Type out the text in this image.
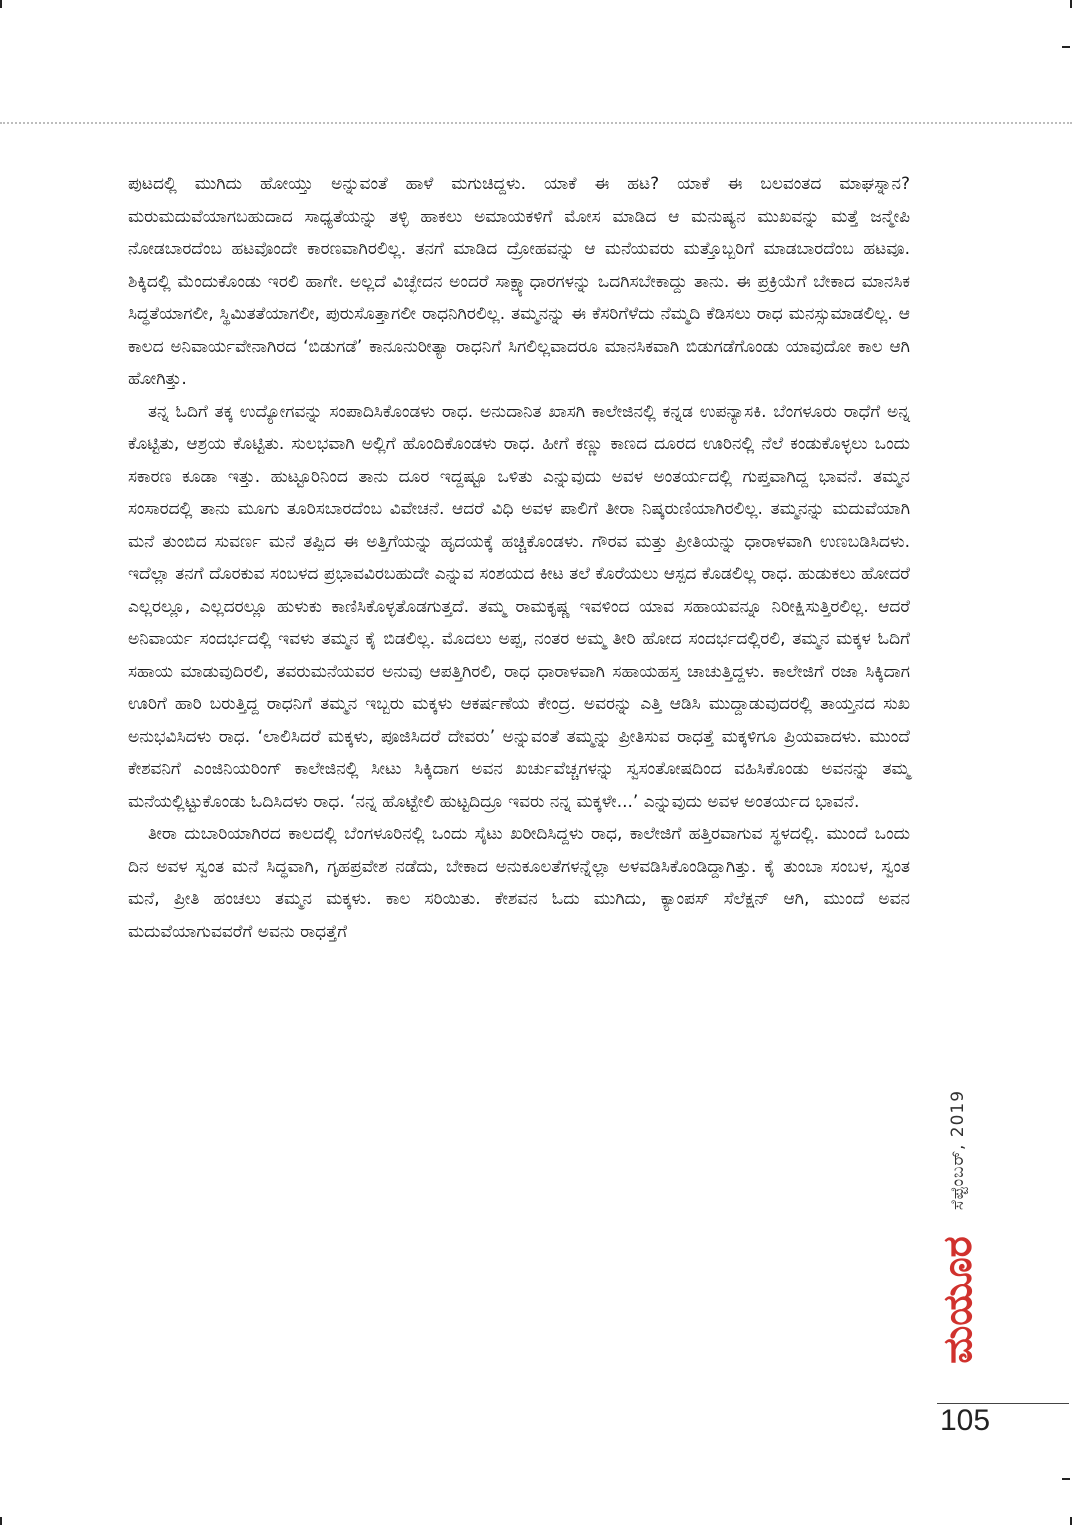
ಪುಟದಲ್ಲಿ ಮುಗಿದು ಹೋಯ್ತು ಅನ್ನುವಂತೆ ಹಾಳೆ ಮಗುಚಿದ್ದಳು. ಯಾಕೆ ಈ ಹಟ? ಯಾಕೆ ಈ ಬಲವಂತದ ಮಾಘಸ್ನಾನ? ಮರುಮದುವೆಯಾಗಬಹುದಾದ ಸಾಧ್ಯತೆಯನ್ನು ತಳ್ಳಿ ಹಾಕಲು ಅಮಾಯಕಳಿಗೆ ಮೋಸ ಮಾಡಿದ ಆ ಮನುಷ್ಯನ ಮುಖವನ್ನು ಮತ್ತೆ ಜನ್ಮೇಪಿ ನೋಡಬಾರದೆಂಬ ಹಟವೊಂದೇ ಕಾರಣವಾಗಿರಲಿಲ್ಲ. ತನಗೆ ಮಾಡಿದ ದ್ರೋಹವನ್ನು ಆ ಮನೆಯವರು ಮತ್ತೊಬ್ಬರಿಗೆ ಮಾಡಬಾರದೆಂಬ ಹಟವೂ. ಶಿಕ್ಕಿದಲ್ಲಿ ಮೆಂದುಕೊಂಡು ಇರಲಿ ಹಾಗೇ. ಅಲ್ಲದೆ ವಿಚ್ಛೇದನ ಅಂದರೆ ಸಾಕ್ಷ್ಯಾಧಾರಗಳನ್ನು ಒದಗಿಸಬೇಕಾದ್ದು ತಾನು. ಈ ಪ್ರಕ್ರಿಯೆಗೆ ಬೇಕಾದ ಮಾನಸಿಕ ಸಿದ್ಧತೆಯಾಗಲೀ, ಸ್ಥಿಮಿತತೆಯಾಗಲೀ, ಪುರುಸೊತ್ತಾಗಲೀ ರಾಧನಿಗಿರಲಿಲ್ಲ. ತಮ್ಮನನ್ನು ಈ ಕೆಸರಿಗೆಳೆದು ನೆಮ್ಮದಿ ಕೆಡಿಸಲು ರಾಧ ಮನಸ್ಸುಮಾಡಲಿಲ್ಲ. ಆ ಕಾಲದ ಅನಿವಾರ್ಯವೇನಾಗಿರದ ‘ಬಿಡುಗಡೆ’ ಕಾನೂನುರೀತ್ಯಾ ರಾಧನಿಗೆ ಸಿಗಲಿಲ್ಲವಾದರೂ ಮಾನಸಿಕವಾಗಿ ಬಿಡುಗಡೆಗೊಂಡು ಯಾವುದೋ ಕಾಲ ಆಗಿ ಹೋಗಿತ್ತು.

ತನ್ನ ಓದಿಗೆ ತಕ್ಕ ಉದ್ಯೋಗವನ್ನು ಸಂಪಾದಿಸಿಕೊಂಡಳು ರಾಧ. ಅನುದಾನಿತ ಖಾಸಗಿ ಕಾಲೇಜಿನಲ್ಲಿ ಕನ್ನಡ ಉಪನ್ಯಾಸಕಿ. ಬೆಂಗಳೂರು ರಾಧೆಗೆ ಅನ್ನ ಕೊಟ್ಟಿತು, ಆಶ್ರಯ ಕೊಟ್ಟಿತು. ಸುಲಭವಾಗಿ ಅಲ್ಲಿಗೆ ಹೊಂದಿಕೊಂಡಳು ರಾಧ. ಹೀಗೆ ಕಣ್ಣು ಕಾಣದ ದೂರದ ಊರಿನಲ್ಲಿ ನೆಲೆ ಕಂಡುಕೊಳ್ಳಲು ಒಂದು ಸಕಾರಣ ಕೂಡಾ ಇತ್ತು. ಹುಟ್ಟೂರಿನಿಂದ ತಾನು ದೂರ ಇದ್ದಷ್ಟೂ ಒಳಿತು ಎನ್ನುವುದು ಅವಳ ಅಂತರ್ಯದಲ್ಲಿ ಗುಪ್ತವಾಗಿದ್ದ ಭಾವನೆ. ತಮ್ಮನ ಸಂಸಾರದಲ್ಲಿ ತಾನು ಮೂಗು ತೂರಿಸಬಾರದೆಂಬ ವಿವೇಚನೆ. ಆದರೆ ವಿಧಿ ಅವಳ ಪಾಲಿಗೆ ತೀರಾ ನಿಷ್ಕರುಣಿಯಾಗಿರಲಿಲ್ಲ. ತಮ್ಮನನ್ನು ಮದುವೆಯಾಗಿ ಮನೆ ತುಂಬಿದ ಸುವರ್ಣ ಮನೆ ತಪ್ಪಿದ ಈ ಅತ್ತಿಗೆಯನ್ನು ಹೃದಯಕ್ಕೆ ಹಚ್ಚಿಕೊಂಡಳು. ಗೌರವ ಮತ್ತು ಪ್ರೀತಿಯನ್ನು ಧಾರಾಳವಾಗಿ ಉಣಬಡಿಸಿದಳು. ಇದೆಲ್ಲಾ ತನಗೆ ದೊರಕುವ ಸಂಬಳದ ಪ್ರಭಾವವಿರಬಹುದೇ ಎನ್ನುವ ಸಂಶಯದ ಕೀಟ ತಲೆ ಕೊರೆಯಲು ಆಸ್ಪದ ಕೊಡಲಿಲ್ಲ ರಾಧ. ಹುಡುಕಲು ಹೋದರೆ ಎಲ್ಲರಲ್ಲೂ, ಎಲ್ಲದರಲ್ಲೂ ಹುಳುಕು ಕಾಣಿಸಿಕೊಳ್ಳತೊಡಗುತ್ತದೆ. ತಮ್ಮ ರಾಮಕೃಷ್ಣ ಇವಳಿಂದ ಯಾವ ಸಹಾಯವನ್ನೂ ನಿರೀಕ್ಷಿಸುತ್ತಿರಲಿಲ್ಲ. ಆದರೆ ಅನಿವಾರ್ಯ ಸಂದರ್ಭದಲ್ಲಿ ಇವಳು ತಮ್ಮನ ಕೈ ಬಿಡಲಿಲ್ಲ. ಮೊದಲು ಅಪ್ಪ, ನಂತರ ಅಮ್ಮ ತೀರಿ ಹೋದ ಸಂದರ್ಭದಲ್ಲಿರಲಿ, ತಮ್ಮನ ಮಕ್ಕಳ ಓದಿಗೆ ಸಹಾಯ ಮಾಡುವುದಿರಲಿ, ತವರುಮನೆಯವರ ಅನುವು ಆಪತ್ತಿಗಿರಲಿ, ರಾಧ ಧಾರಾಳವಾಗಿ ಸಹಾಯಹಸ್ತ ಚಾಚುತ್ತಿದ್ದಳು. ಕಾಲೇಜಿಗೆ ರಜಾ ಸಿಕ್ಕಿದಾಗ ಊರಿಗೆ ಹಾರಿ ಬರುತ್ತಿದ್ದ ರಾಧನಿಗೆ ತಮ್ಮನ ಇಬ್ಬರು ಮಕ್ಕಳು ಆಕರ್ಷಣೆಯ ಕೇಂದ್ರ. ಅವರನ್ನು ಎತ್ತಿ ಆಡಿಸಿ ಮುದ್ದಾಡುವುದರಲ್ಲಿ ತಾಯ್ತನದ ಸುಖ ಅನುಭವಿಸಿದಳು ರಾಧ. ‘ಲಾಲಿಸಿದರೆ ಮಕ್ಕಳು, ಪೂಜಿಸಿದರೆ ದೇವರು’ ಅನ್ನುವಂತೆ ತಮ್ಮನ್ನು ಪ್ರೀತಿಸುವ ರಾಧತ್ತೆ ಮಕ್ಕಳಿಗೂ ಪ್ರಿಯವಾದಳು. ಮುಂದೆ ಕೇಶವನಿಗೆ ಎಂಜಿನಿಯರಿಂಗ್ ಕಾಲೇಜಿನಲ್ಲಿ ಸೀಟು ಸಿಕ್ಕಿದಾಗ ಅವನ ಖರ್ಚುವೆಚ್ಚಗಳನ್ನು ಸ್ವಸಂತೋಷದಿಂದ ವಹಿಸಿಕೊಂಡು ಅವನನ್ನು ತಮ್ಮ ಮನೆಯಲ್ಲಿಟ್ಟುಕೊಂಡು ಓದಿಸಿದಳು ರಾಧ. ‘ನನ್ನ ಹೊಟ್ಟೇಲಿ ಹುಟ್ಟದಿದ್ರೂ ಇವರು ನನ್ನ ಮಕ್ಕಳೇ...’ ಎನ್ನುವುದು ಅವಳ ಅಂತರ್ಯದ ಭಾವನೆ.

ತೀರಾ ದುಬಾರಿಯಾಗಿರದ ಕಾಲದಲ್ಲಿ ಬೆಂಗಳೂರಿನಲ್ಲಿ ಒಂದು ಸೈಟು ಖರೀದಿಸಿದ್ದಳು ರಾಧ, ಕಾಲೇಜಿಗೆ ಹತ್ತಿರವಾಗುವ ಸ್ಥಳದಲ್ಲಿ. ಮುಂದೆ ಒಂದು ದಿನ ಅವಳ ಸ್ವಂತ ಮನೆ ಸಿದ್ಧವಾಗಿ, ಗೃಹಪ್ರವೇಶ ನಡೆದು, ಬೇಕಾದ ಅನುಕೂಲತೆಗಳನ್ನೆಲ್ಲಾ ಅಳವಡಿಸಿಕೊಂಡಿದ್ದಾಗಿತ್ತು. ಕೈ ತುಂಬಾ ಸಂಬಳ, ಸ್ವಂತ ಮನೆ, ಪ್ರೀತಿ ಹಂಚಲು ತಮ್ಮನ ಮಕ್ಕಳು. ಕಾಲ ಸರಿಯಿತು. ಕೇಶವನ ಓದು ಮುಗಿದು, ಕ್ಯಾಂಪಸ್ ಸೆಲೆಕ್ಷನ್ ಆಗಿ, ಮುಂದೆ ಅವನ ಮದುವೆಯಾಗುವವರೆಗೆ ಅವನು ರಾಧತ್ತೆಗೆ

ಸೆಪ್ಟೆಂಬರ್, 2019
ಮಯೂರ
105
